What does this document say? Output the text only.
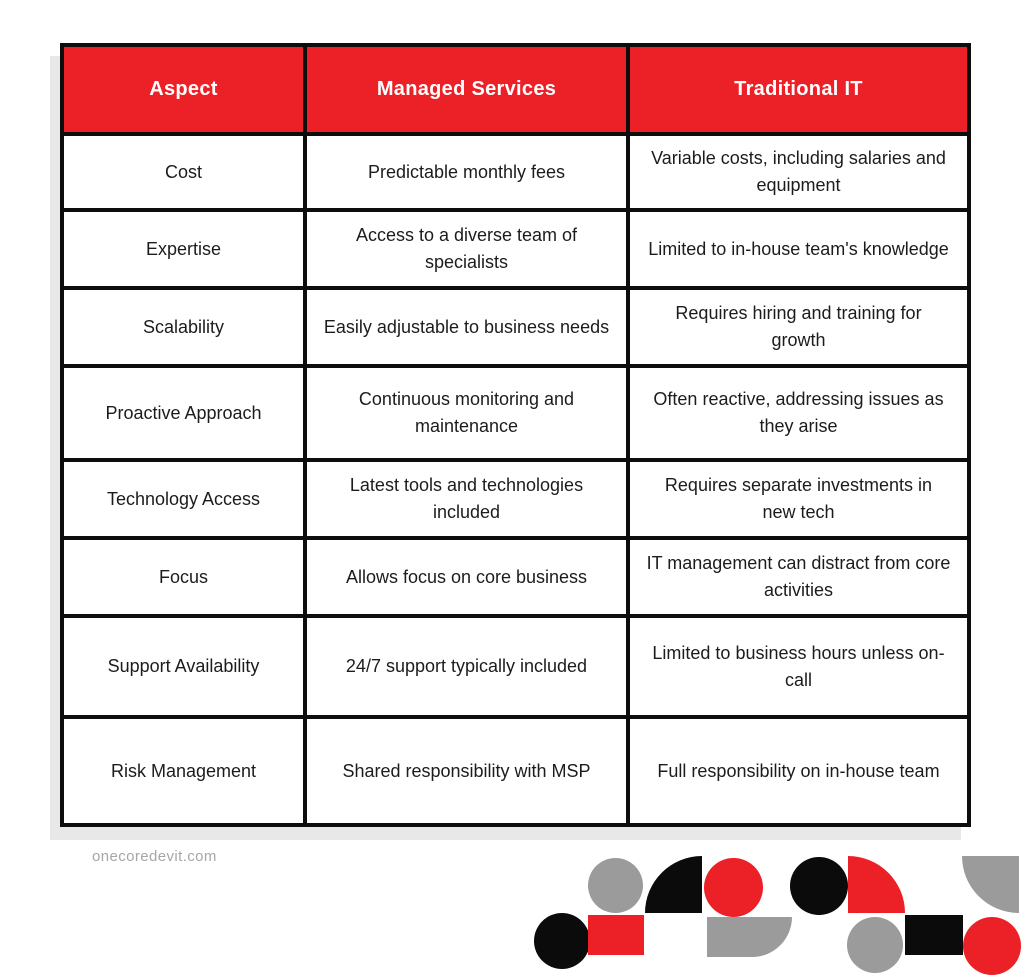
Aspect	Managed Services	Traditional IT
Cost	Predictable monthly fees	Variable costs, including salaries and equipment
Expertise	Access to a diverse team of specialists	Limited to in-house team's knowledge
Scalability	Easily adjustable to business needs	Requires hiring and training for growth
Proactive Approach	Continuous monitoring and maintenance	Often reactive, addressing issues as they arise
Technology Access	Latest tools and technologies included	Requires separate investments in new tech
Focus	Allows focus on core business	IT management can distract from core activities
Support Availability	24/7 support typically included	Limited to business hours unless on-call
Risk Management	Shared responsibility with MSP	Full responsibility on in-house team
onecoredevit.com
